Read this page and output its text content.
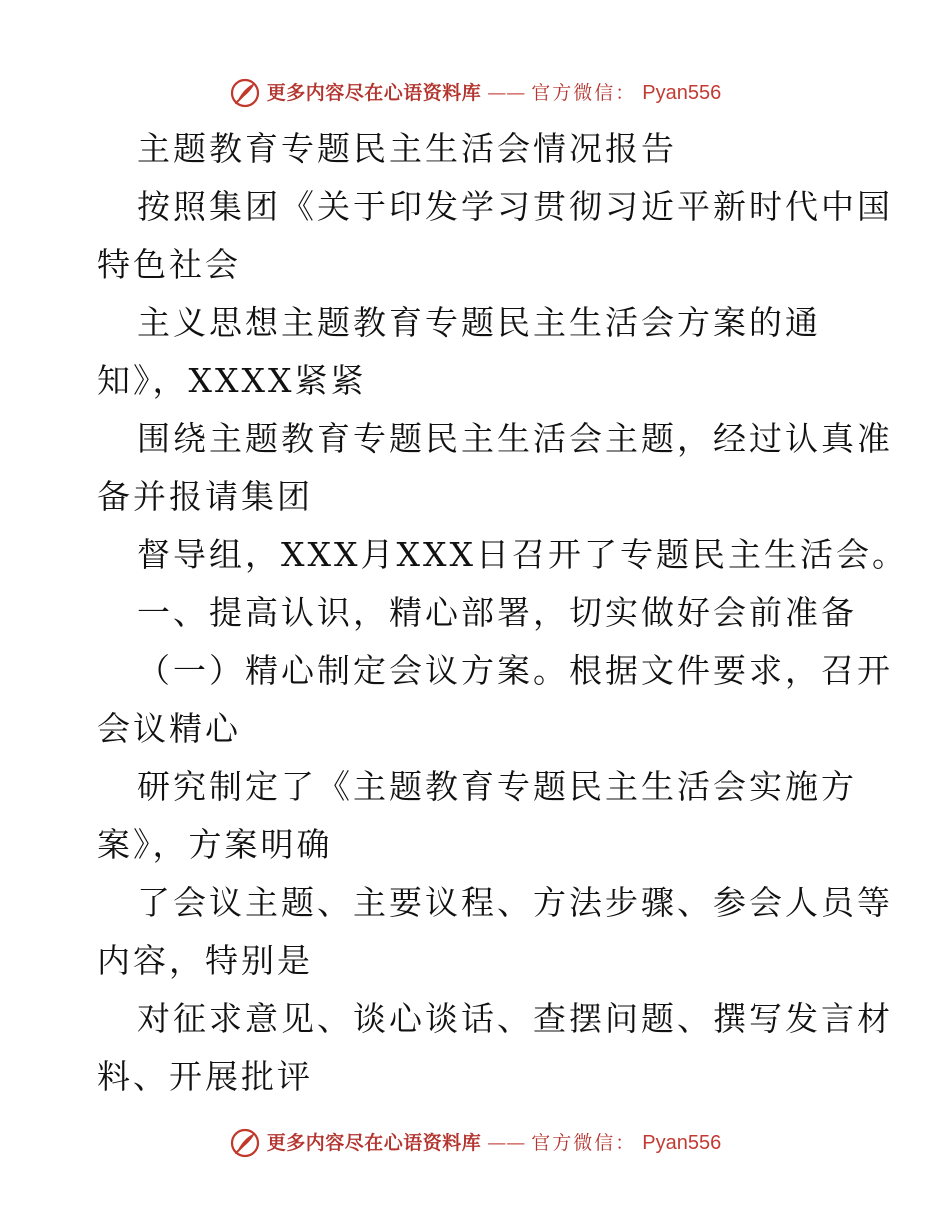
更多内容尽在心语资料库 —— 官方微信： Pyan556
主题教育专题民主生活会情况报告
按照集团《关于印发学习贯彻习近平新时代中国
特色社会
主义思想主题教育专题民主生活会方案的通
知》，XXXX紧紧
围绕主题教育专题民主生活会主题，经过认真准
备并报请集团
督导组，XXX月XXX日召开了专题民主生活会。
一、提高认识，精心部署，切实做好会前准备
（一）精心制定会议方案。根据文件要求，召开
会议精心
研究制定了《主题教育专题民主生活会实施方
案》，方案明确
了会议主题、主要议程、方法步骤、参会人员等
内容，特别是
对征求意见、谈心谈话、查摆问题、撰写发言材
料、开展批评
更多内容尽在心语资料库 —— 官方微信： Pyan556
